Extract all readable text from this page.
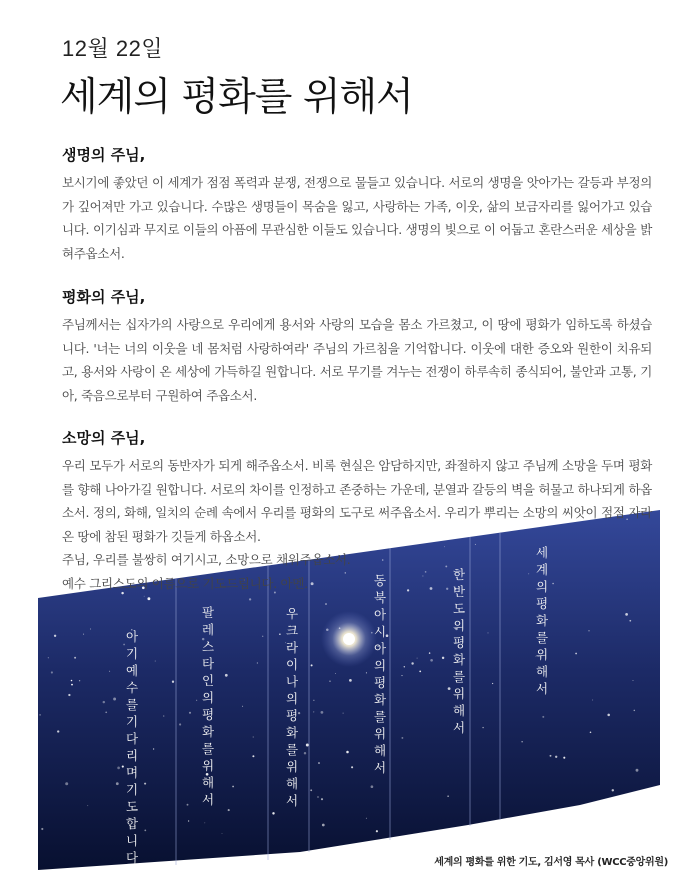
12월 22일
세계의 평화를 위해서
생명의 주님,

보시기에 좋았던 이 세계가 점점 폭력과 분쟁, 전쟁으로 물들고 있습니다. 서로의 생명을 앗아가는 갈등과 부정의가 깊어져만 가고 있습니다. 수많은 생명들이 목숨을 잃고, 사랑하는 가족, 이웃, 삶의 보금자리를 잃어가고 있습니다. 이기심과 무지로 이들의 아픔에 무관심한 이들도 있습니다. 생명의 빛으로 이 어둡고 혼란스러운 세상을 밝혀주옵소서.

평화의 주님,

주님께서는 십자가의 사랑으로 우리에게 용서와 사랑의 모습을 몸소 가르쳤고, 이 땅에 평화가 임하도록 하셨습니다. '너는 너의 이웃을 네 몸처럼 사랑하여라' 주님의 가르침을 기억합니다. 이웃에 대한 증오와 원한이 치유되고, 용서와 사랑이 온 세상에 가득하길 원합니다. 서로 무기를 겨누는 전쟁이 하루속히 종식되어, 불안과 고통, 기아, 죽음으로부터 구원하여 주옵소서.

소망의 주님,

우리 모두가 서로의 동반자가 되게 해주옵소서. 비록 현실은 암담하지만, 좌절하지 않고 주님께 소망을 두며 평화를 향해 나아가길 원합니다. 서로의 차이를 인정하고 존중하는 가운데, 분열과 갈등의 벽을 허물고 하나되게 하옵소서. 정의, 화해, 일치의 순례 속에서 우리를 평화의 도구로 써주옵소서. 우리가 뿌리는 소망의 씨앗이 점점 자라 온 땅에 참된 평화가 깃들게 하옵소서.

주님, 우리를 불쌍히 여기시고, 소망으로 채워주옵소서.
예수 그리스도의 이름으로 기도드립니다. 아멘.
아기예수를기다리며기도합니다
팔레스타인의평화를위해서
우크라이나의평화를위해서
동북아시아의평화를위해서
한반도의평화를위해서
세계의평화를위해서
세계의 평화를 위한 기도, 김서영 목사 (WCC중앙위원)
